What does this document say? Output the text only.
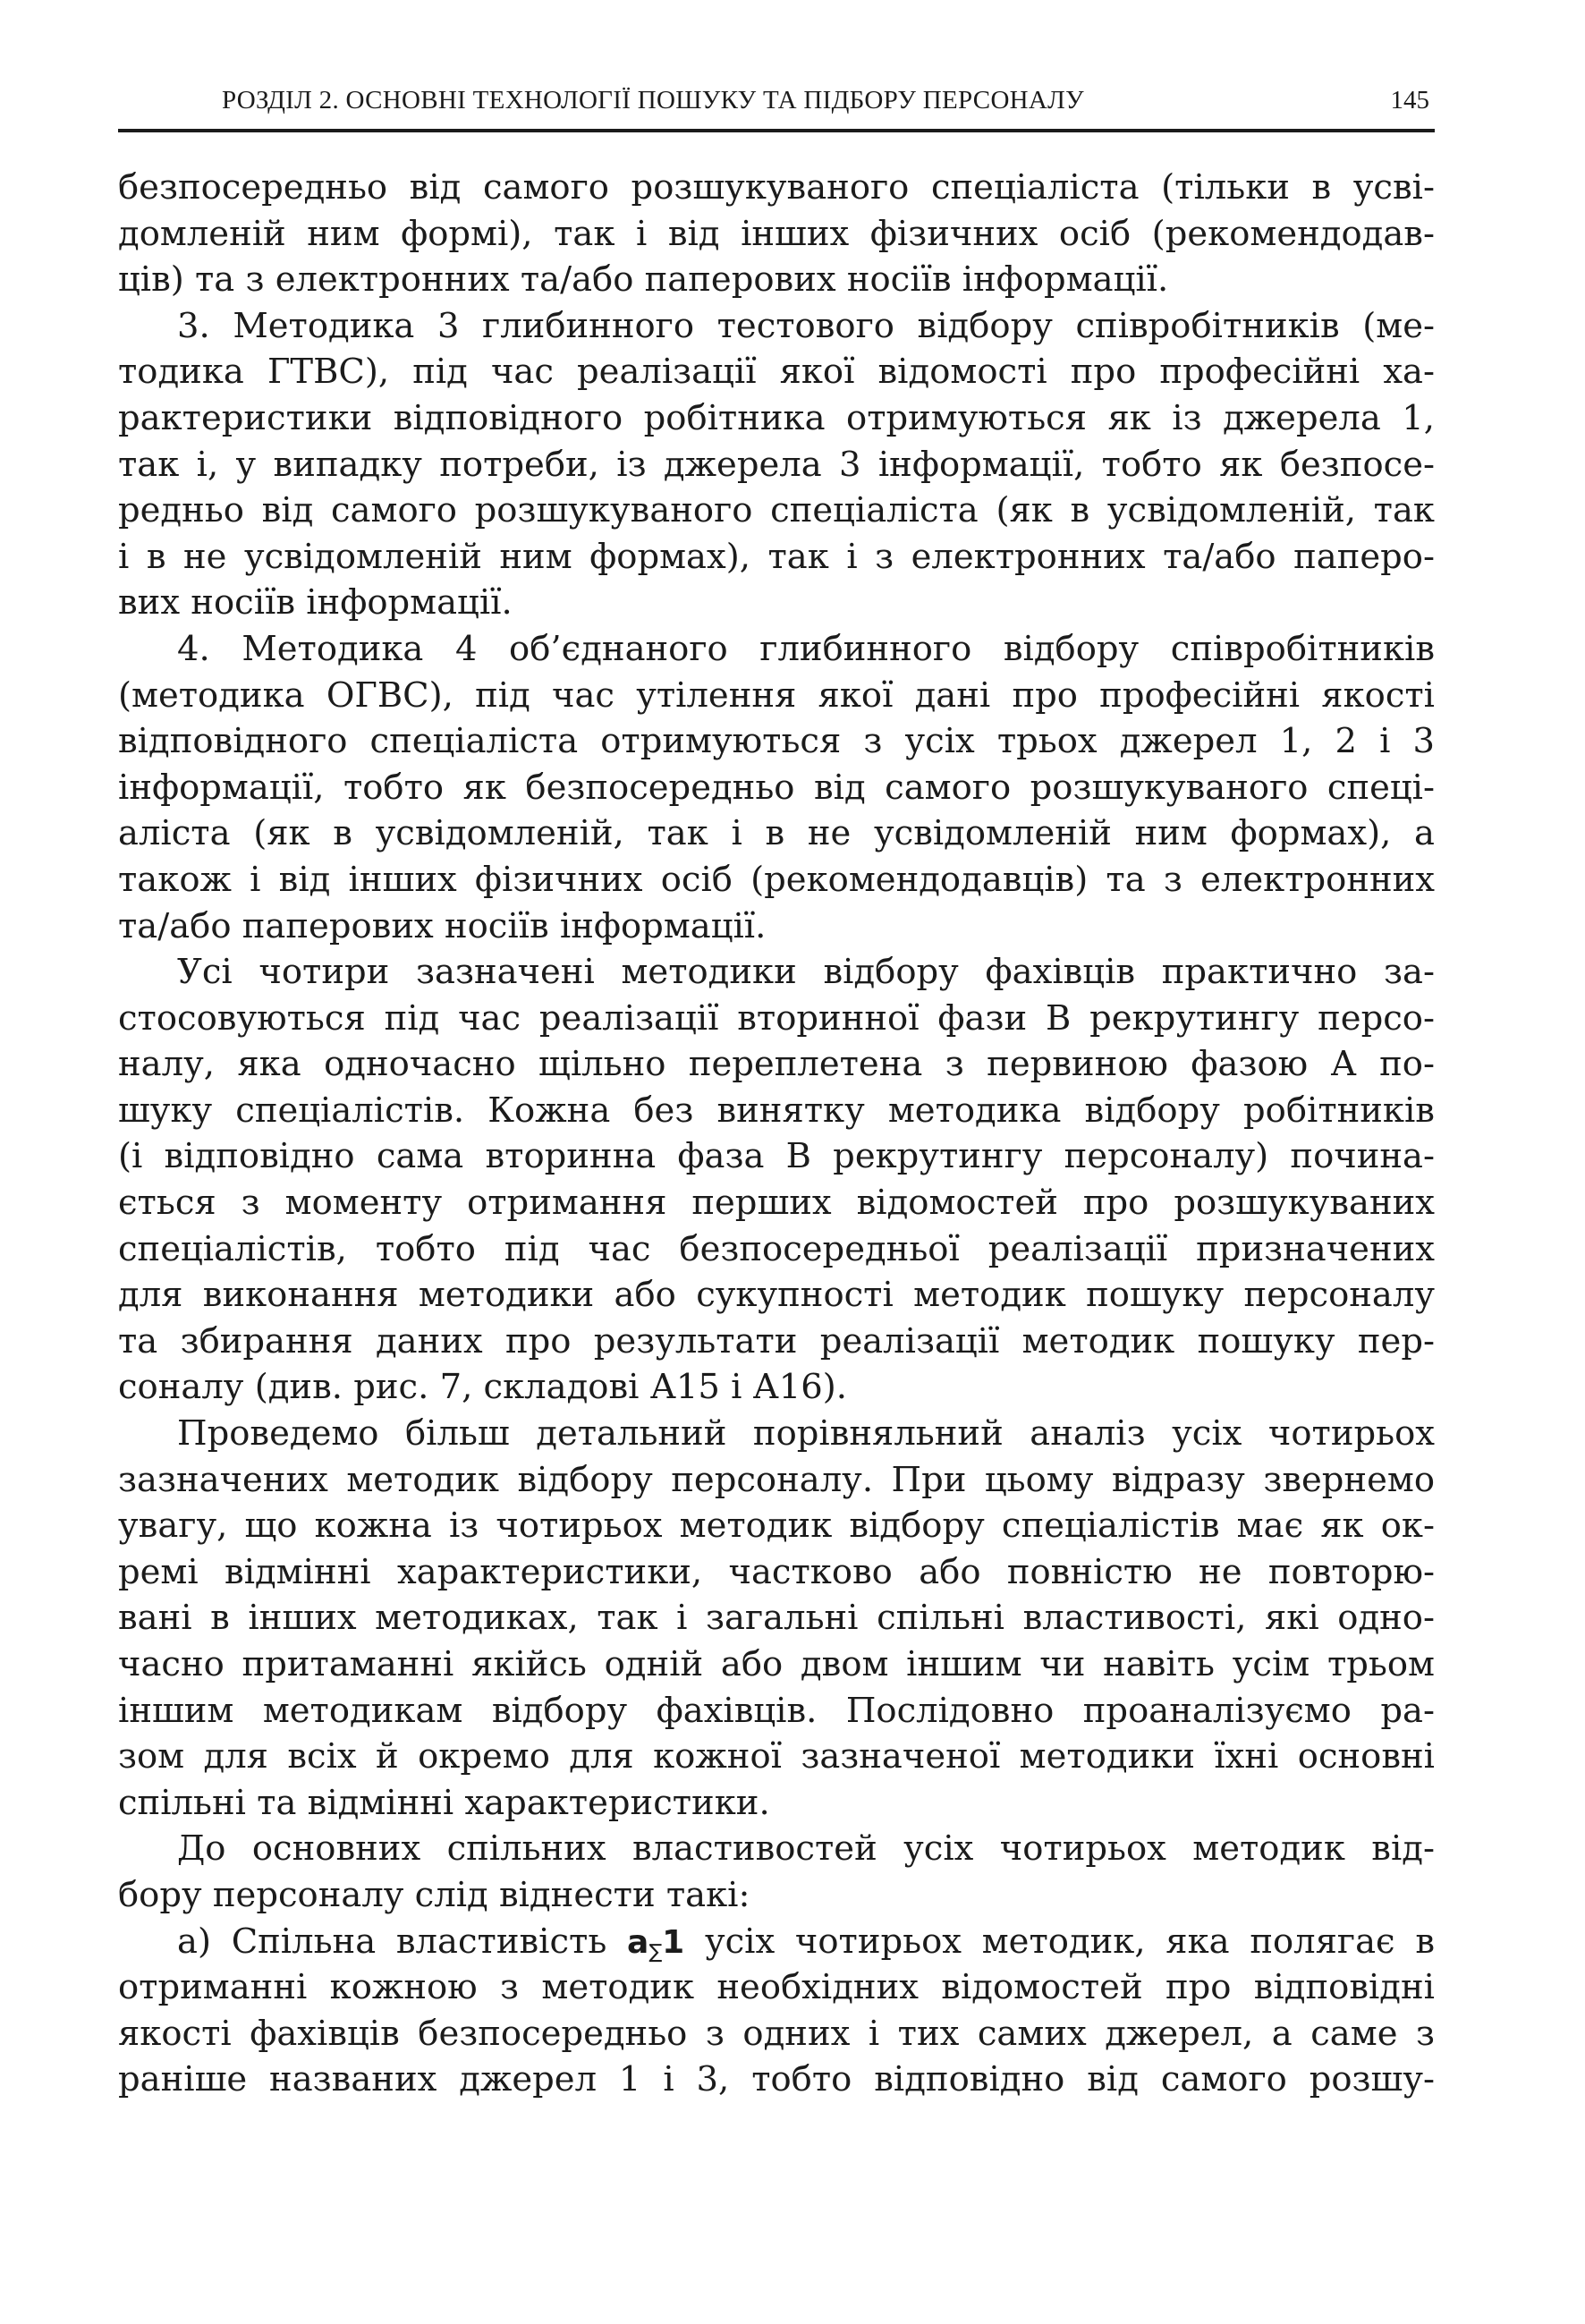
РОЗДІЛ 2. ОСНОВНІ ТЕХНОЛОГІЇ ПОШУКУ ТА ПІДБОРУ ПЕРСОНАЛУ	145
безпосередньо від самого розшукуваного спеціаліста (тільки в усві-
домленій ним формі), так і від інших фізичних осіб (рекомендодав-
ців) та з електронних та/або паперових носіїв інформації.
3. Методика 3 глибинного тестового відбору співробітників (ме-
тодика ГТВС), під час реалізації якої відомості про професійні ха-
рактеристики відповідного робітника отримуються як із джерела 1,
так і, у випадку потреби, із джерела 3 інформації, тобто як безпосе-
редньо від самого розшукуваного спеціаліста (як в усвідомленій, так
і в не усвідомленій ним формах), так і з електронних та/або паперо-
вих носіїв інформації.
4. Методика 4 об’єднаного глибинного відбору співробітників
(методика ОГВС), під час утілення якої дані про професійні якості
відповідного спеціаліста отримуються з усіх трьох джерел 1, 2 і 3
інформації, тобто як безпосередньо від самого розшукуваного спеці-
аліста (як в усвідомленій, так і в не усвідомленій ним формах), а
також і від інших фізичних осіб (рекомендодавців) та з електронних
та/або паперових носіїв інформації.
Усі чотири зазначені методики відбору фахівців практично за-
стосовуються під час реалізації вторинної фази В рекрутингу персо-
налу, яка одночасно щільно переплетена з первиною фазою А по-
шуку спеціалістів. Кожна без винятку методика відбору робітників
(і відповідно сама вторинна фаза В рекрутингу персоналу) почина-
ється з моменту отримання перших відомостей про розшукуваних
спеціалістів, тобто під час безпосередньої реалізації призначених
для виконання методики або сукупності методик пошуку персоналу
та збирання даних про результати реалізації методик пошуку пер-
соналу (див. рис. 7, складові А15 і А16).
Проведемо більш детальний порівняльний аналіз усіх чотирьох
зазначених методик відбору персоналу. При цьому відразу звернемо
увагу, що кожна із чотирьох методик відбору спеціалістів має як ок-
ремі відмінні характеристики, частково або повністю не повторю-
вані в інших методиках, так і загальні спільні властивості, які одно-
часно притаманні якійсь одній або двом іншим чи навіть усім трьом
іншим методикам відбору фахівців. Послідовно проаналізуємо ра-
зом для всіх й окремо для кожної зазначеної методики їхні основні
спільні та відмінні характеристики.
До основних спільних властивостей усіх чотирьох методик від-
бору персоналу слід віднести такі:
а) Спільна властивість $a_\sum 1$ усіх чотирьох методик, яка полягає в
отриманні кожною з методик необхідних відомостей про відповідні
якості фахівців безпосередньо з одних і тих самих джерел, а саме з
раніше названих джерел 1 і 3, тобто відповідно від самого розшу-
